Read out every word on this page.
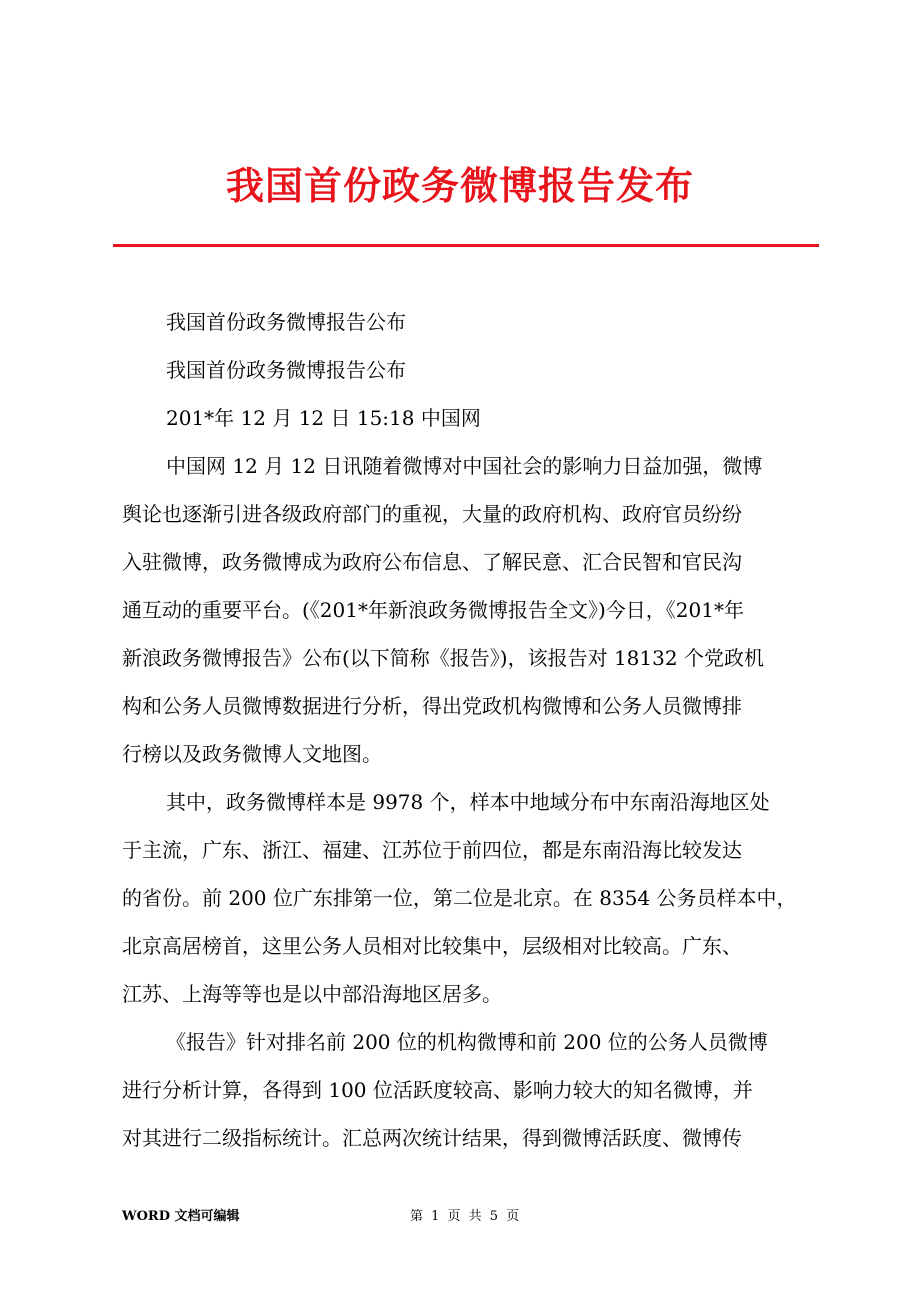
我国首份政务微博报告发布
我国首份政务微博报告公布
我国首份政务微博报告公布
201*年 12 月 12 日 15:18 中国网
中国网 12 月 12 日讯随着微博对中国社会的影响力日益加强，微博
舆论也逐渐引进各级政府部门的重视，大量的政府机构、政府官员纷纷
入驻微博，政务微博成为政府公布信息、了解民意、汇合民智和官民沟
通互动的重要平台。(《201*年新浪政务微博报告全文》)今日，《201*年
新浪政务微博报告》公布(以下简称《报告》)，该报告对 18132 个党政机
构和公务人员微博数据进行分析，得出党政机构微博和公务人员微博排
行榜以及政务微博人文地图。
其中，政务微博样本是 9978 个，样本中地域分布中东南沿海地区处
于主流，广东、浙江、福建、江苏位于前四位，都是东南沿海比较发达
的省份。前 200 位广东排第一位，第二位是北京。在 8354 公务员样本中，
北京高居榜首，这里公务人员相对比较集中，层级相对比较高。广东、
江苏、上海等等也是以中部沿海地区居多。
《报告》针对排名前 200 位的机构微博和前 200 位的公务人员微博
进行分析计算，各得到 100 位活跃度较高、影响力较大的知名微博，并
对其进行二级指标统计。汇总两次统计结果，得到微博活跃度、微博传
WORD 文档可编辑	第 1 页 共 5 页
